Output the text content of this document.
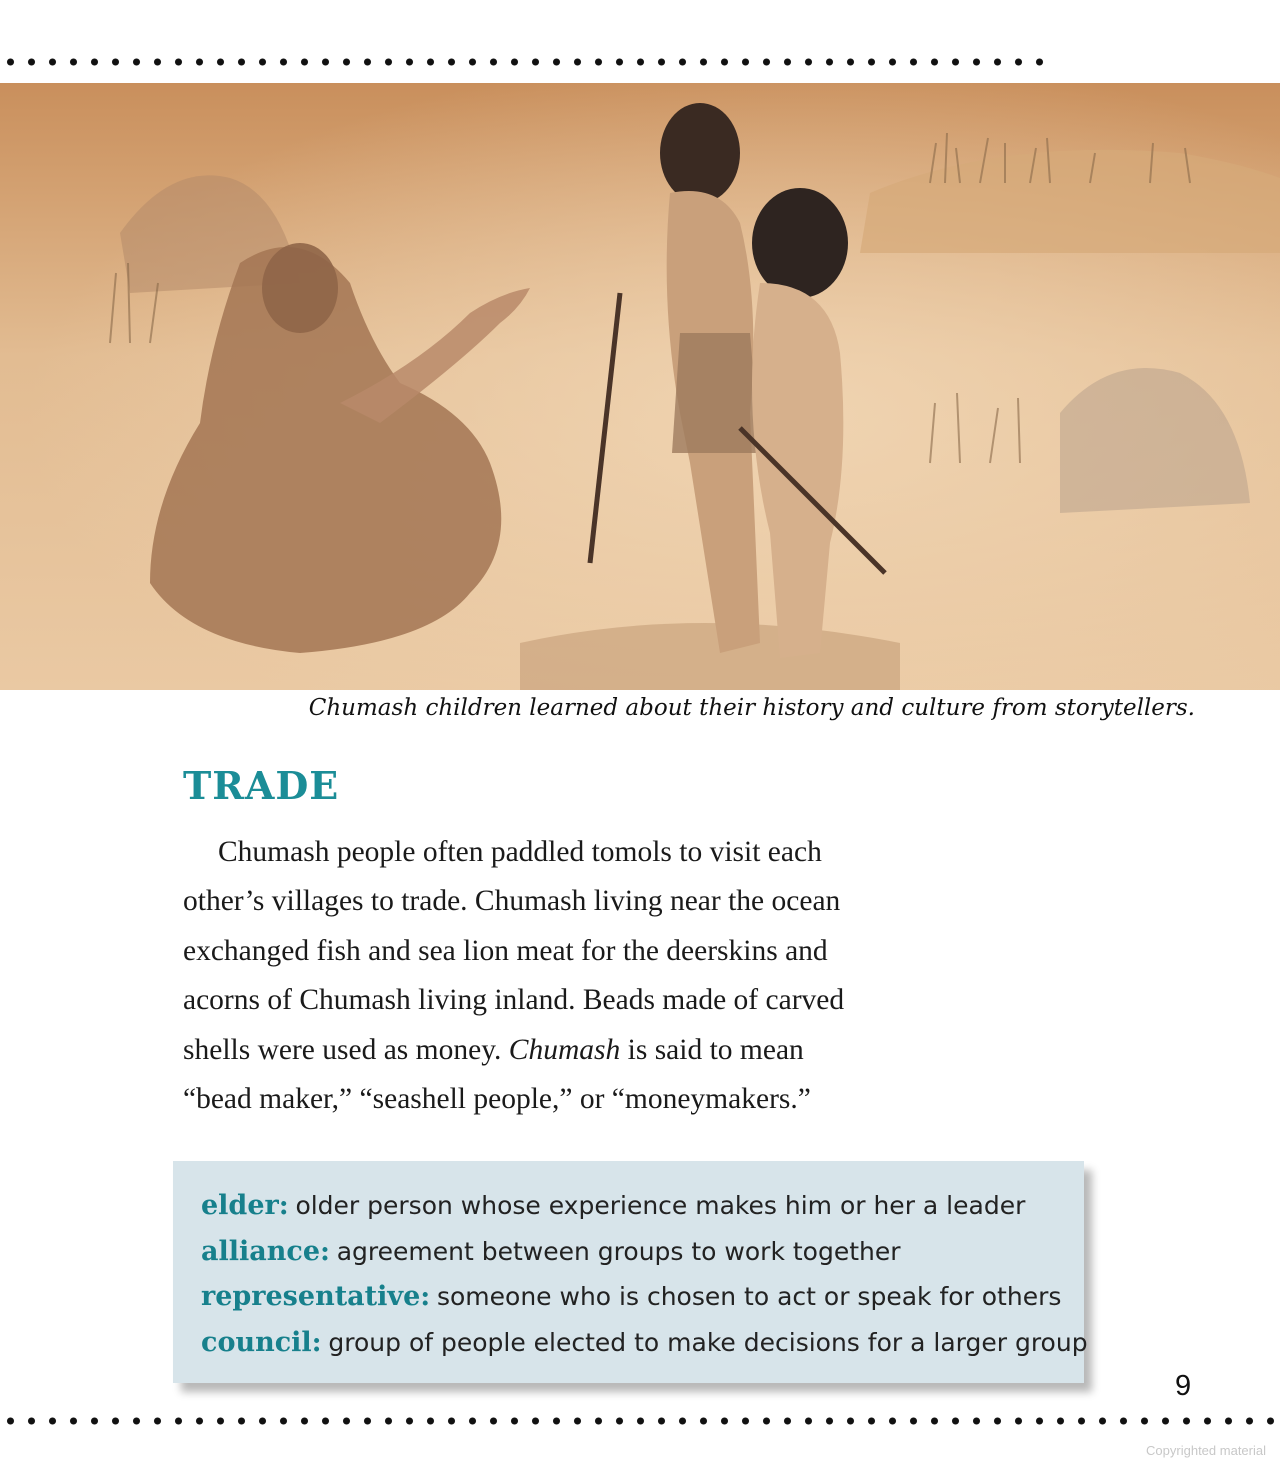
Chumash children learned about their history and culture from storytellers.
TRADE

Chumash people often paddled tomols to visit each
other’s villages to trade. Chumash living near the ocean
exchanged fish and sea lion meat for the deerskins and
acorns of Chumash living inland. Beads made of carved
shells were used as money. Chumash is said to mean
“bead maker,” “seashell people,” or “moneymakers.”

elder: older person whose experience makes him or her a leader
alliance: agreement between groups to work together
representative: someone who is chosen to act or speak for others
council: group of people elected to make decisions for a larger group
9
Copyrighted material
